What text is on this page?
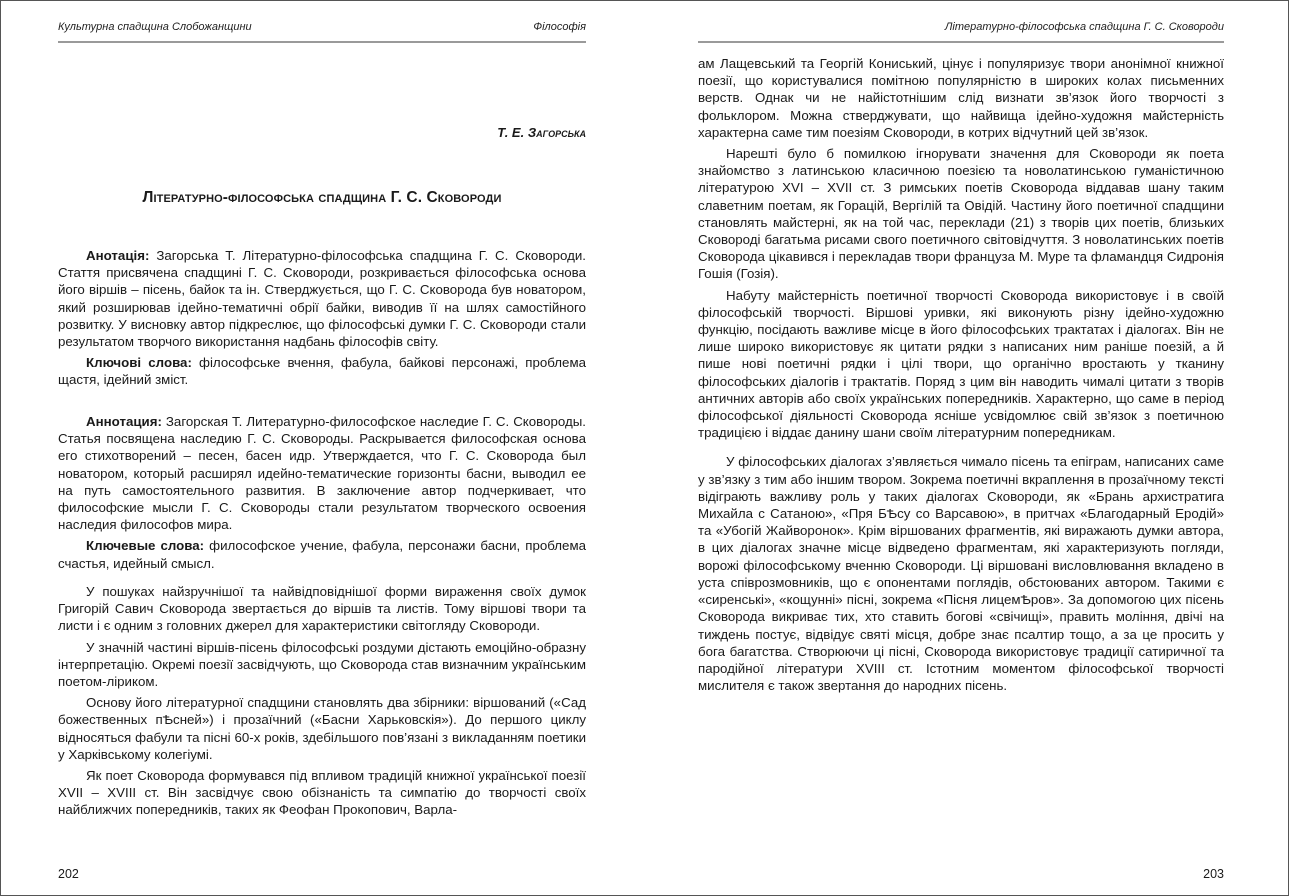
Культурна спадщина Слобожанщини	Філософія
Т. Е. Загорська
Літературно-філософська спадщина Г. С. Сковороди

Анотація: Загорська Т. Літературно-філософська спадщина Г. С. Сковороди. Стаття присвячена спадщині Г. С. Сковороди, розкривається філософська основа його віршів – пісень, байок та ін. Стверджується, що Г. С. Сковорода був новатором, який розширював ідейно-тематичні обрії байки, виводив її на шлях самостійного розвитку. У висновку автор підкреслює, що філософські думки Г. С. Сковороди стали результатом творчого використання надбань філософів світу.

Ключові слова: філософське вчення, фабула, байкові персонажі, проблема щастя, ідейний зміст.

Аннотация: Загорская Т. Литературно-философское наследие Г. С. Сковороды. Статья посвящена наследию Г. С. Сковороды. Раскрывается философская основа его стихотворений – песен, басен идр. Утверждается, что Г. С. Сковорода был новатором, который расширял идейно-тематические горизонты басни, выводил ее на путь самостоятельного развития. В заключение автор подчеркивает, что философские мысли Г. С. Сковороды стали результатом творческого освоения наследия философов мира.

Ключевые слова: философское учение, фабула, персонажи басни, проблема счастья, идейный смысл.

У пошуках найзручнішої та найвідповіднішої форми вираження своїх думок Григорій Савич Сковорода звертається до віршів та листів. Тому віршові твори та листи і є одним з головних джерел для характеристики світогляду Сковороди.

У значній частині віршів-пісень філософські роздуми дістають емоційно-образну інтерпретацію. Окремі поезії засвідчують, що Сковорода став визначним українським поетом-ліриком.

Основу його літературної спадщини становлять два збірники: віршований («Сад божественных пѢсней») і прозаїчний («Басни Харьковскія»). До першого циклу відносяться фабули та пісні 60-х років, здебільшого пов’язані з викладанням поетики у Харківському колегіумі.

Як поет Сковорода формувався під впливом традицій книжної української поезії XVII – XVIII ст. Він засвідчує свою обізнаність та симпатію до творчості своїх найближчих попередників, таких як Феофан Прокопович, Варла-

202
Літературно-філософська спадщина Г. С. Сковороди

ам Лащевський та Георгій Кониський, цінує і популяризує твори анонімної книжної поезії, що користувалися помітною популярністю в широких колах письменних верств. Однак чи не найістотнішим слід визнати зв’язок його творчості з фольклором. Можна стверджувати, що найвища ідейно-художня майстерність характерна саме тим поезіям Сковороди, в котрих відчутний цей зв’язок.

Нарешті було б помилкою ігнорувати значення для Сковороди як поета знайомство з латинською класичною поезією та новолатинською гуманістичною літературою XVI – XVII ст. З римських поетів Сковорода віддавав шану таким славетним поетам, як Горацій, Вергілій та Овідій. Частину його поетичної спадщини становлять майстерні, як на той час, переклади (21) з творів цих поетів, близьких Сковороді багатьма рисами свого поетичного світовідчуття. З новолатинських поетів Сковорода цікавився і перекладав твори француза М. Муре та фламандця Сидронія Гошія (Гозія).

Набуту майстерність поетичної творчості Сковорода використовує і в своїй філософській творчості. Віршові уривки, які виконують різну ідейно-художню функцію, посідають важливе місце в його філософських трактатах і діалогах. Він не лише широко використовує як цитати рядки з написаних ним раніше поезій, а й пише нові поетичні рядки і цілі твори, що органічно вростають у тканину філософських діалогів і трактатів. Поряд з цим він наводить чималі цитати з творів античних авторів або своїх українських попередників. Характерно, що саме в період філософської діяльності Сковорода ясніше усвідомлює свій зв’язок з поетичною традицією і віддає данину шани своїм літературним попередникам.

У філософських діалогах з’являється чимало пісень та епіграм, написаних саме у зв’язку з тим або іншим твором. Зокрема поетичні вкраплення в прозаїчному тексті відіграють важливу роль у таких діалогах Сковороди, як «Брань архистратига Михайла с Сатаною», «Пря БѢсу со Варсавою», в притчах «Благодарный Еродій» та «Убогій Жайворонок». Крім віршованих фрагментів, які виражають думки автора, в цих діалогах значне місце відведено фрагментам, які характеризують погляди, ворожі філософському вченню Сковороди. Ці віршовані висловлювання вкладено в уста співрозмовників, що є опонентами поглядів, обстоюваних автором. Такими є «сиренські», «кощунні» пісні, зокрема «Пісня лицемѢров». За допомогою цих пісень Сковорода викриває тих, хто ставить богові «свічищі», править моління, двічі на тиждень постує, відвідує святі місця, добре знає псалтир тощо, а за це просить у бога багатства. Створюючи ці пісні, Сковорода використовує традиції сатиричної та пародійної літератури XVIII ст. Істотним моментом філософської творчості мислителя є також звертання до народних пісень.

203
